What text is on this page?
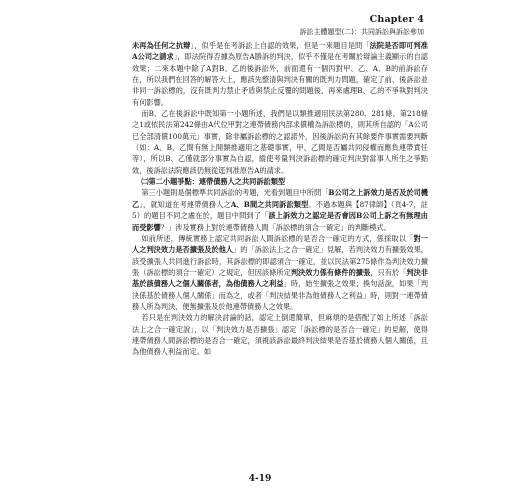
Chapter 4
訴訟主體題型(二)：共同訴訟與訴訟參加

未再為任何之抗辯」，似乎是在考訴訟上自認的效果，但是一來題目是問「法院是否即可判准A公司之請求」，即法院得否據為原告A勝訴的判決，似乎不僅是在考關於辯論主義顯示的自認效果；二來本題中除了A對B、乙的後訴訟外，前面還有一個丙對甲、乙、A、B的前訴訟存在，所以我們在回答的解答大上，應該先整清與判決有關的既判力問題，確定了前、後訴訟並非同一訴訟標的，沒有既判力禁止矛盾與禁止反覆的問題後，再來處理B、乙的不爭執對判決有何影響。

而B、乙在後訴訟中既知第一小題所述，我們是以類推適用民法第280、281條、第218條之1或依民法第242條由A代位甲對之連帶債務內部求償權為訴訟標的，則其所自認的「A公司已全部清償100萬元」事實，除非屬訴訟標的之認諾外，因後訴訟尚有其餘要件事實需要判斷（如：A、B、乙間有無上開類推適用之基礎事實，甲、乙間是否屬共同侵權而應負連帶責任等），所以B、乙僅就部分事實為自認，縱使考量判決訴訟標的確定判決對當事人所生之爭點效，後訴訟法院應該仍無從逕判准原告A的請求。

㈡第二小題爭點：連帶債務人之共同訴訟類型

第三小題則是個標準共同訴訟的考題，光看到題目中所問「B公司之上訴效力是否及於司機乙」，就知道在考連帶債務人之A、B間之共同訴訟類型。不過本題與【87律師】（頁4-7，註5）的題目不同之處在於，題目中問到了「該上訴效力之認定是否會因B公司上訴之有無理由而受影響？」涉及實務上對於連帶債務人間「訴訟標的須合一確定」的判斷模式。

如前所述，傳統實務上認定共同訴訟人間訴訟標的是否合一確定的方式，係採取以「對一人之判決效力是否擴張及於他人」的「訴訟法上之合一確定」見解，若判決效力有擴張效果，該受擴張人共同進行訴訟時，其訴訟標的即認須合一確定，並以民法第275條作為判決效力擴張（訴訟標的須合一確定）之規定，但因該條所定判決效力係有條件的擴張，只有於「判決非基於該債務人之個人關係者，為他債務人之利益」時，始生擴張之效果；換句話說，如果「判決係基於債務人個人關係」而為之，或者「判決結果非為他債務人之利益」時，則對一連帶債務人所為判決，便無擴張及於他連帶債務人之效果。

若只是在判決效力的解決討論的話，認定上倒還簡單，但麻煩的是搭配了如上所述「訴訟法上之合一確定說」，以「判決效力是否擴張」認定「訴訟標的是否合一確定」的見解，使得連帶債務人間訴訟標的是否合一確定，須視該訴訟最終判決結果是否基於債務人個人關係，且為他債務人利益而定。如

4-19
